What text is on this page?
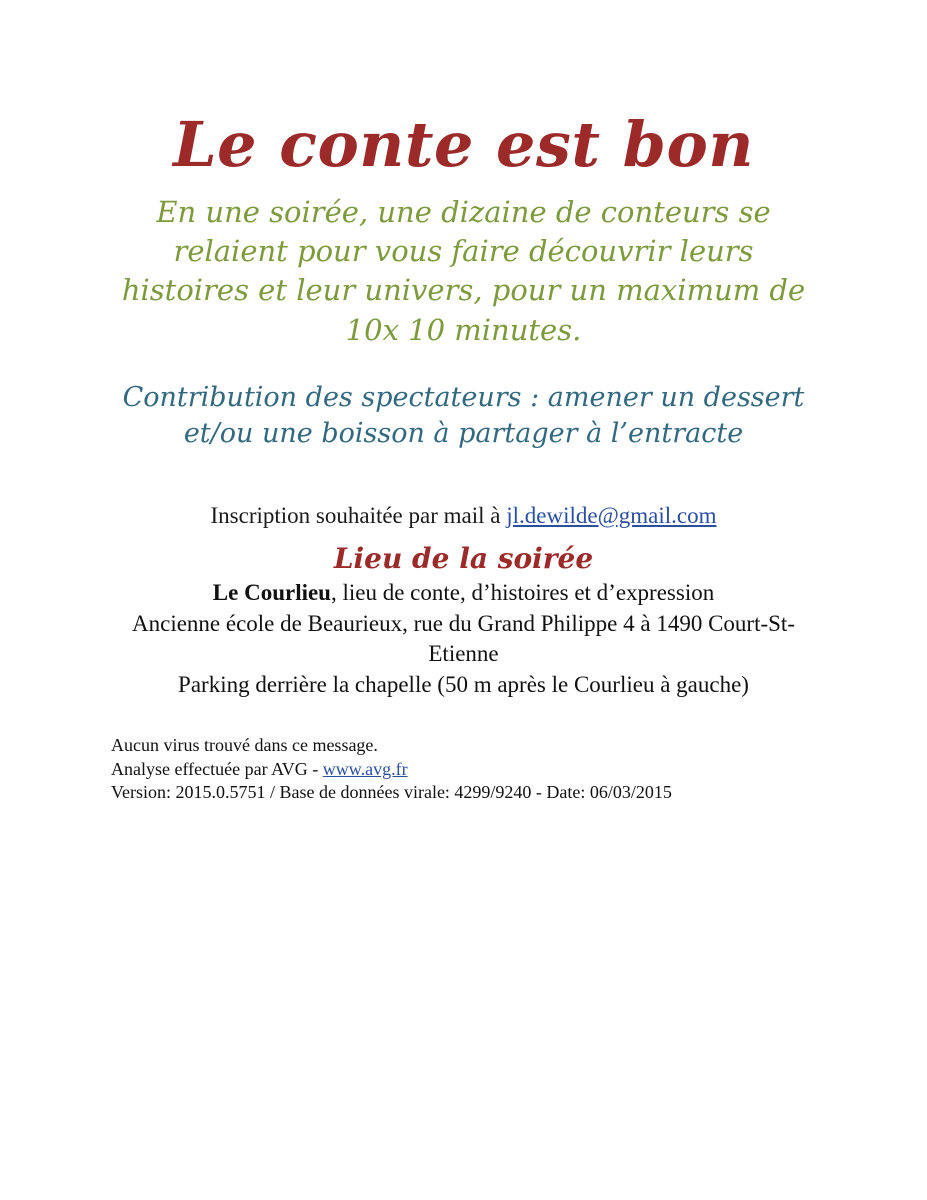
Le conte est bon

En une soirée, une dizaine de conteurs se relaient pour vous faire découvrir leurs histoires et leur univers, pour un maximum de 10x 10 minutes.

Contribution des spectateurs : amener un dessert et/ou une boisson à partager à l’entracte

Inscription souhaitée par mail à jl.dewilde@gmail.com

Lieu de la soirée

Le Courlieu, lieu de conte, d’histoires et d’expression

Ancienne école de Beaurieux, rue du Grand Philippe 4 à 1490 Court-St-Etienne

Parking derrière la chapelle (50 m après le Courlieu à gauche)

Aucun virus trouvé dans ce message.
Analyse effectuée par AVG - www.avg.fr
Version: 2015.0.5751 / Base de données virale: 4299/9240 - Date: 06/03/2015
